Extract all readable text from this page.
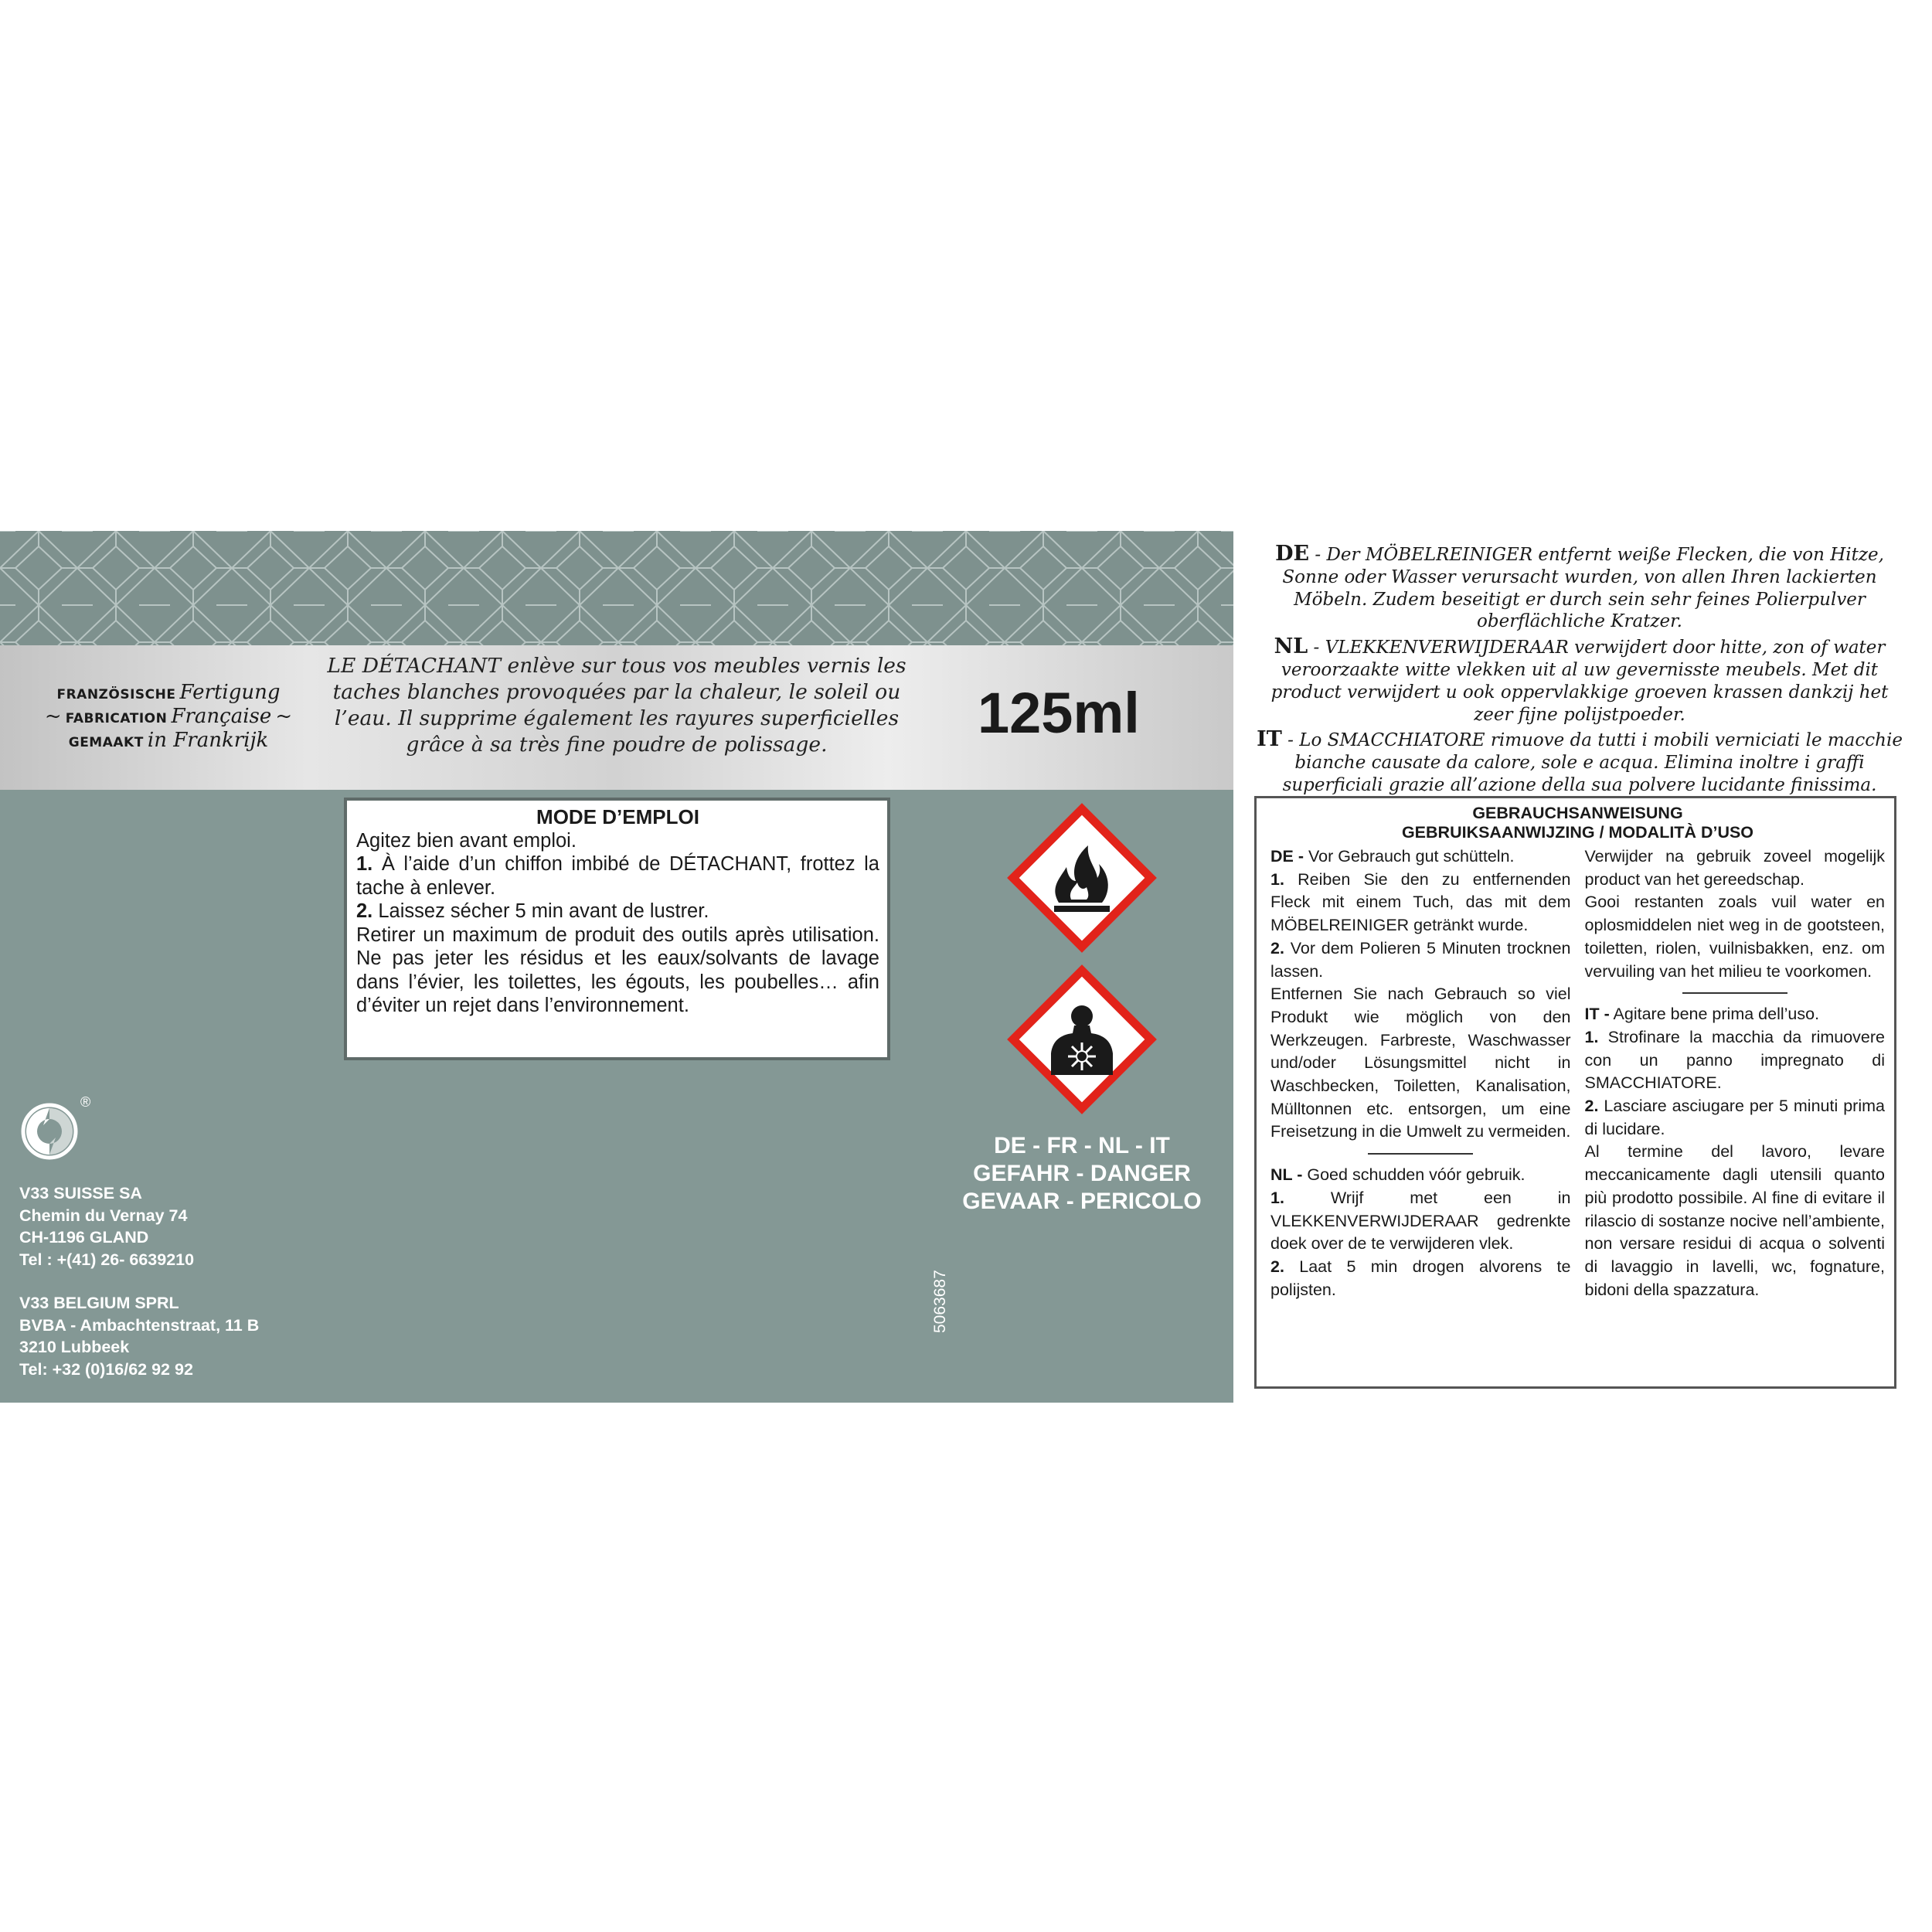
FRANZÖSISCHE Fertigung
~ FABRICATION Française ~
GEMAAKT in Frankrijk
LE DÉTACHANT enlève sur tous vos meubles vernis les taches blanches provoquées par la chaleur, le soleil ou l’eau. Il supprime également les rayures superficielles grâce à sa très fine poudre de polissage.	125ml
MODE D’EMPLOI

Agitez bien avant emploi.

1. À l’aide d’un chiffon imbibé de DÉTACHANT, frottez la tache à enlever.

2. Laissez sécher 5 min avant de lustrer.

Retirer un maximum de produit des outils après utilisation. Ne pas jeter les résidus et les eaux/solvants de lavage dans l’évier, les toilettes, les égouts, les poubelles… afin d’éviter un rejet dans l’environnement.

DE - FR - NL - IT
GEFAHR - DANGER
GEVAAR - PERICOLO
5063687
®
V33 SUISSE SA
Chemin du Vernay 74
CH-1196 GLAND
Tel : +(41) 26- 6639210
V33 BELGIUM SPRL
BVBA - Ambachtenstraat, 11 B
3210 Lubbeek
Tel: +32 (0)16/62 92 92
DE - Der MÖBELREINIGER entfernt weiße Flecken, die von Hitze, Sonne oder Wasser verursacht wurden, von allen Ihren lackierten Möbeln. Zudem beseitigt er durch sein sehr feines Polierpulver oberflächliche Kratzer.
NL - VLEKKENVERWIJDERAAR verwijdert door hitte, zon of water veroorzaakte witte vlekken uit al uw gevernisste meubels. Met dit product verwijdert u ook oppervlakkige groeven krassen dankzij het zeer fijne polijstpoeder.
IT - Lo SMACCHIATORE rimuove da tutti i mobili verniciati le macchie bianche causate da calore, sole e acqua. Elimina inoltre i graffi superficiali grazie all’azione della sua polvere lucidante finissima.
GEBRAUCHSANWEISUNG
GEBRUIKSAANWIJZING / MODALITÀ D’USO

DE - Vor Gebrauch gut schütteln.

1. Reiben Sie den zu entfernenden Fleck mit einem Tuch, das mit dem MÖBELREINIGER getränkt wurde.

2. Vor dem Polieren 5 Minuten trocknen lassen.

Entfernen Sie nach Gebrauch so viel Produkt wie möglich von den Werkzeugen. Farbreste, Waschwasser und/oder Lösungsmittel nicht in Waschbecken, Toiletten, Kanalisation, Mülltonnen etc. entsorgen, um eine Freisetzung in die Umwelt zu vermeiden.

NL - Goed schudden vóór gebruik.

1. Wrijf met een in VLEKKENVERWIJDERAAR gedrenkte doek over de te verwijderen vlek.

2. Laat 5 min drogen alvorens te polijsten.

Verwijder na gebruik zoveel mogelijk product van het gereedschap.

Gooi restanten zoals vuil water en oplosmiddelen niet weg in de gootsteen, toiletten, riolen, vuilnisbakken, enz. om vervuiling van het milieu te voorkomen.

IT - Agitare bene prima dell’uso.

1. Strofinare la macchia da rimuovere con un panno impregnato di SMACCHIATORE.

2. Lasciare asciugare per 5 minuti prima di lucidare.

Al termine del lavoro, levare meccanicamente dagli utensili quanto più prodotto possibile. Al fine di evitare il rilascio di sostanze nocive nell’ambiente, non versare residui di acqua o solventi di lavaggio in lavelli, wc, fognature, bidoni della spazzatura.
